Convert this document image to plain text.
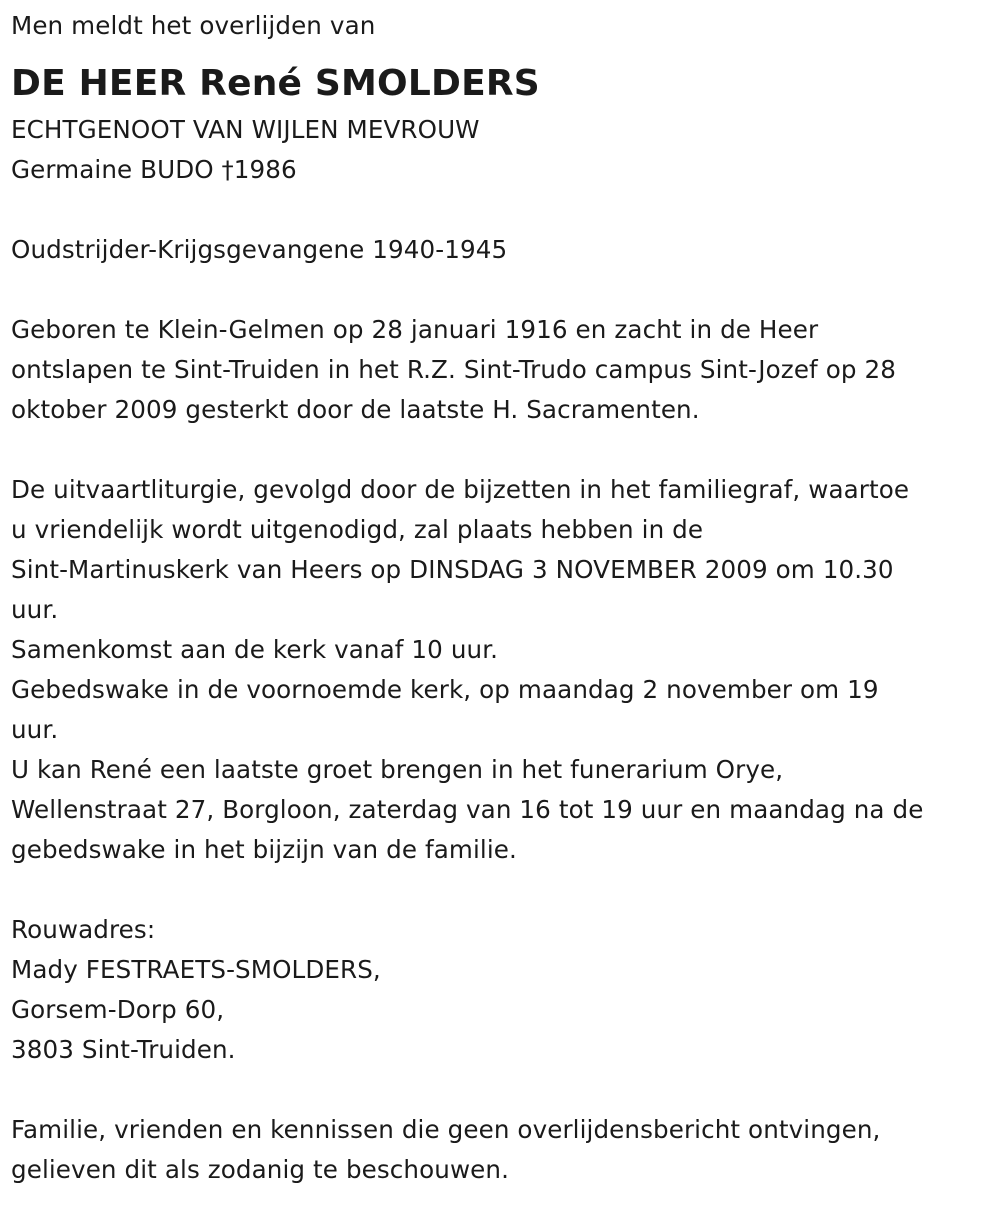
Men meldt het overlijden van

DE HEER René SMOLDERS

ECHTGENOOT VAN WIJLEN MEVROUW

Germaine BUDO †1986

Oudstrijder-Krijgsgevangene 1940-1945

Geboren te Klein-Gelmen op 28 januari 1916 en zacht in de Heer

ontslapen te Sint-Truiden in het R.Z. Sint-Trudo campus Sint-Jozef op 28

oktober 2009 gesterkt door de laatste H. Sacramenten.

De uitvaartliturgie, gevolgd door de bijzetten in het familiegraf, waartoe

u vriendelijk wordt uitgenodigd, zal plaats hebben in de

Sint-Martinuskerk van Heers op DINSDAG 3 NOVEMBER 2009 om 10.30

uur.

Samenkomst aan de kerk vanaf 10 uur.

Gebedswake in de voornoemde kerk, op maandag 2 november om 19

uur.

U kan René een laatste groet brengen in het funerarium Orye,

Wellenstraat 27, Borgloon, zaterdag van 16 tot 19 uur en maandag na de

gebedswake in het bijzijn van de familie.

Rouwadres:

Mady FESTRAETS-SMOLDERS,

Gorsem-Dorp 60,

3803 Sint-Truiden.

Familie, vrienden en kennissen die geen overlijdensbericht ontvingen,

gelieven dit als zodanig te beschouwen.
